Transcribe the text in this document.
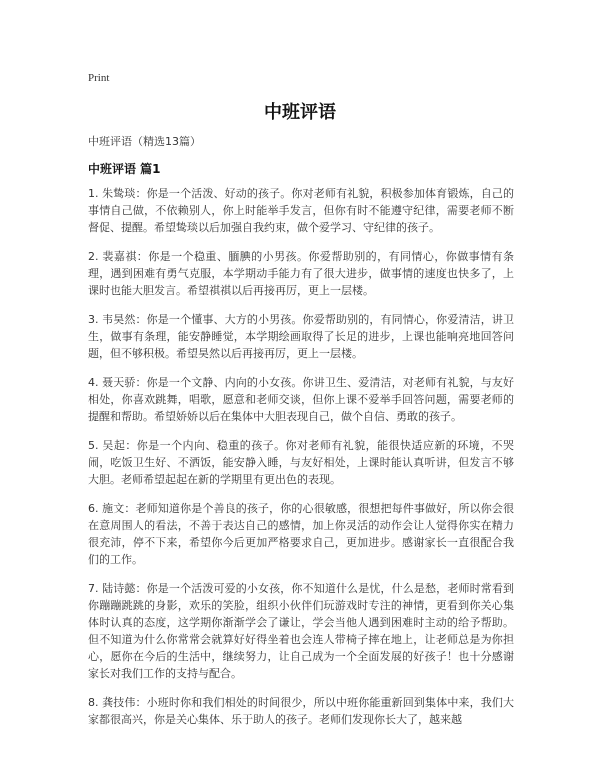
Print
中班评语
中班评语（精选13篇）
中班评语 篇1

1. 朱鸷琰：你是一个活泼、好动的孩子。你对老师有礼貌，积极参加体育锻炼，自己的事情自己做，不依赖别人，你上时能举手发言，但你有时不能遵守纪律，需要老师不断督促、提醒。希望鸷琰以后加强自我约束，做个爱学习、守纪律的孩子。

2. 裴嘉祺：你是一个稳重、腼腆的小男孩。你爱帮助别的，有同情心，你做事情有条理，遇到困难有勇气克服，本学期动手能力有了很大进步，做事情的速度也快多了，上课时也能大胆发言。希望祺祺以后再接再厉，更上一层楼。

3. 韦昊然：你是一个懂事、大方的小男孩。你爱帮助别的，有同情心，你爱清洁，讲卫生，做事有条理，能安静睡觉，本学期绘画取得了长足的进步，上课也能响亮地回答问题，但不够积极。希望昊然以后再接再厉，更上一层楼。

4. 聂天骄：你是一个文静、内向的小女孩。你讲卫生、爱清洁，对老师有礼貌，与友好相处，你喜欢跳舞，唱歌，愿意和老师交谈，但你上课不爱举手回答问题，需要老师的提醒和帮助。希望娇娇以后在集体中大胆表现自己，做个自信、勇敢的孩子。

5. 吴起：你是一个内向、稳重的孩子。你对老师有礼貌，能很快适应新的环境，不哭闹，吃饭卫生好、不洒饭，能安静入睡，与友好相处，上课时能认真听讲，但发言不够大胆。老师希望起起在新的学期里有更出色的表现。

6. 施文：老师知道你是个善良的孩子，你的心很敏感，很想把每件事做好，所以你会很在意周围人的看法，不善于表达自己的感情，加上你灵活的动作会让人觉得你实在精力很充沛，停不下来，希望你今后更加严格要求自己，更加进步。感谢家长一直很配合我们的工作。

7. 陆诗懿：你是一个活泼可爱的小女孩，你不知道什么是忧，什么是愁，老师时常看到你蹦蹦跳跳的身影，欢乐的笑脸，组织小伙伴们玩游戏时专注的神情，更看到你关心集体时认真的态度，这学期你渐渐学会了谦让，学会当他人遇到困难时主动的给予帮助。但不知道为什么你常常会就算好好得坐着也会连人带椅子摔在地上，让老师总是为你担心，愿你在今后的生活中，继续努力，让自己成为一个全面发展的好孩子！也十分感谢家长对我们工作的支持与配合。

8. 龚技伟：小班时你和我们相处的时间很少，所以中班你能重新回到集体中来，我们大家都很高兴，你是关心集体、乐于助人的孩子。老师们发现你长大了，越来越
